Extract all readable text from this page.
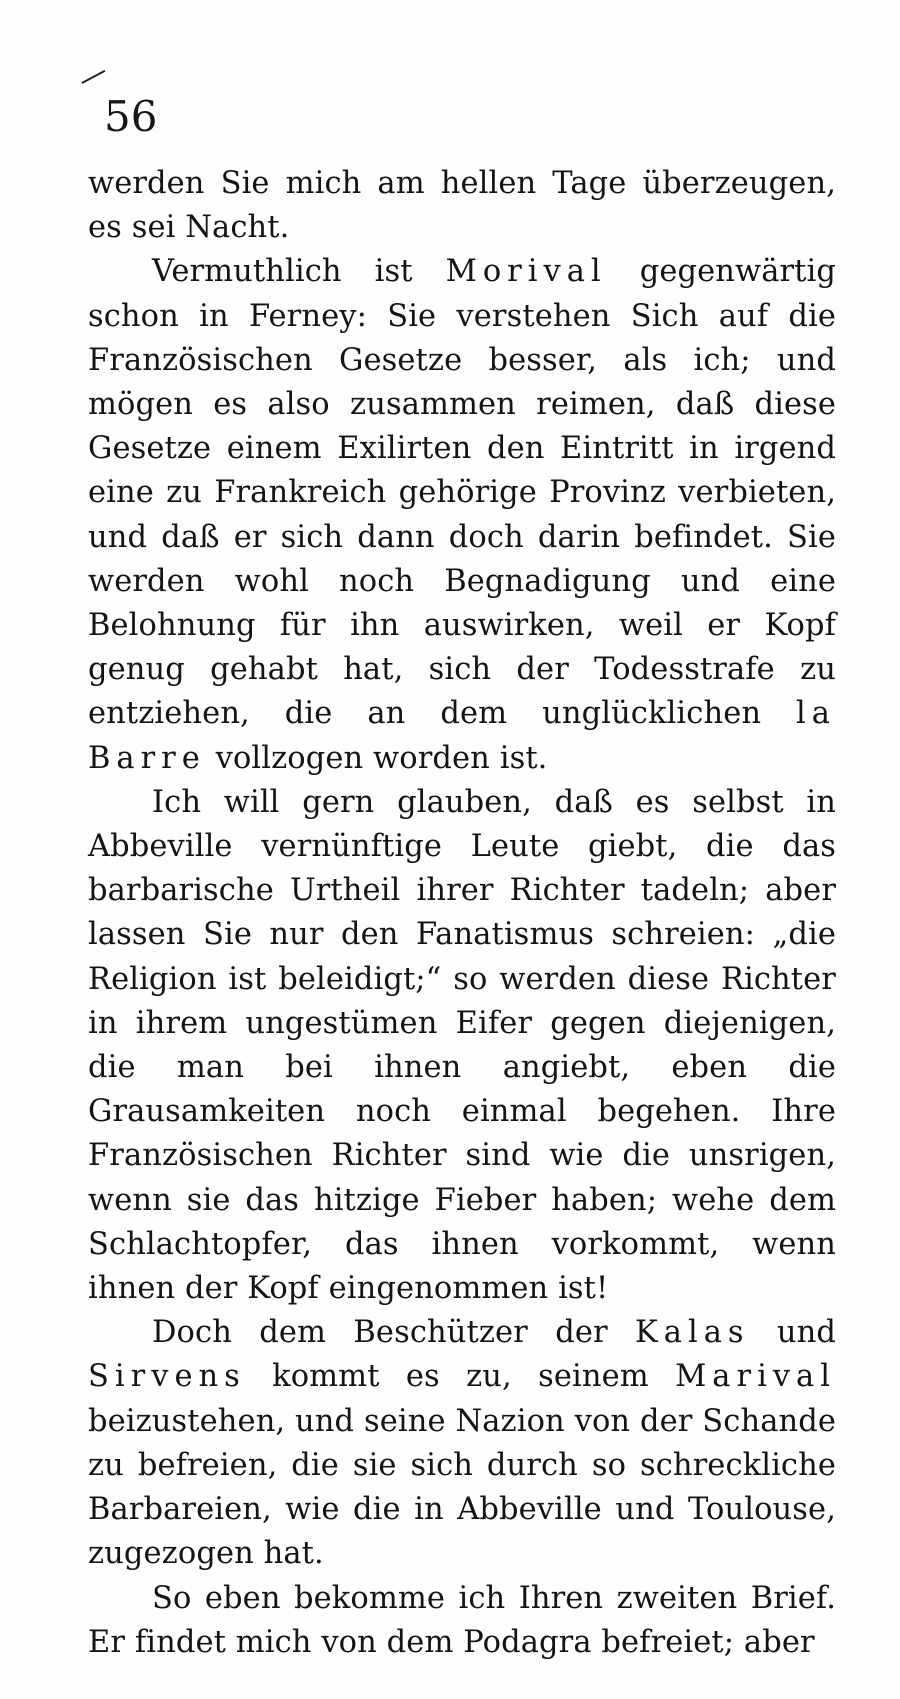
56

werden Sie mich am hellen Tage überzeugen, es sei Nacht.

Vermuthlich ist Morival gegenwärtig schon in Ferney: Sie verstehen Sich auf die Französischen Gesetze besser, als ich; und mögen es also zusammen reimen, daß diese Gesetze einem Exilirten den Eintritt in irgend eine zu Frankreich gehörige Provinz verbieten, und daß er sich dann doch darin befindet. Sie werden wohl noch Begnadigung und eine Belohnung für ihn auswirken, weil er Kopf genug gehabt hat, sich der Todesstrafe zu entziehen, die an dem unglücklichen la Barre vollzogen worden ist.

Ich will gern glauben, daß es selbst in Abbeville vernünftige Leute giebt, die das barbarische Urtheil ihrer Richter tadeln; aber lassen Sie nur den Fanatismus schreien: „die Religion ist beleidigt;“ so werden diese Richter in ihrem ungestümen Eifer gegen diejenigen, die man bei ihnen angiebt, eben die Grausamkeiten noch einmal begehen. Ihre Französischen Richter sind wie die unsrigen, wenn sie das hitzige Fieber haben; wehe dem Schlachtopfer, das ihnen vorkommt, wenn ihnen der Kopf eingenommen ist!

Doch dem Beschützer der Kalas und Sirvens kommt es zu, seinem Marival beizustehen, und seine Nazion von der Schande zu befreien, die sie sich durch so schreckliche Barbareien, wie die in Abbeville und Toulouse, zugezogen hat.

So eben bekomme ich Ihren zweiten Brief. Er findet mich von dem Podagra befreiet; aber
